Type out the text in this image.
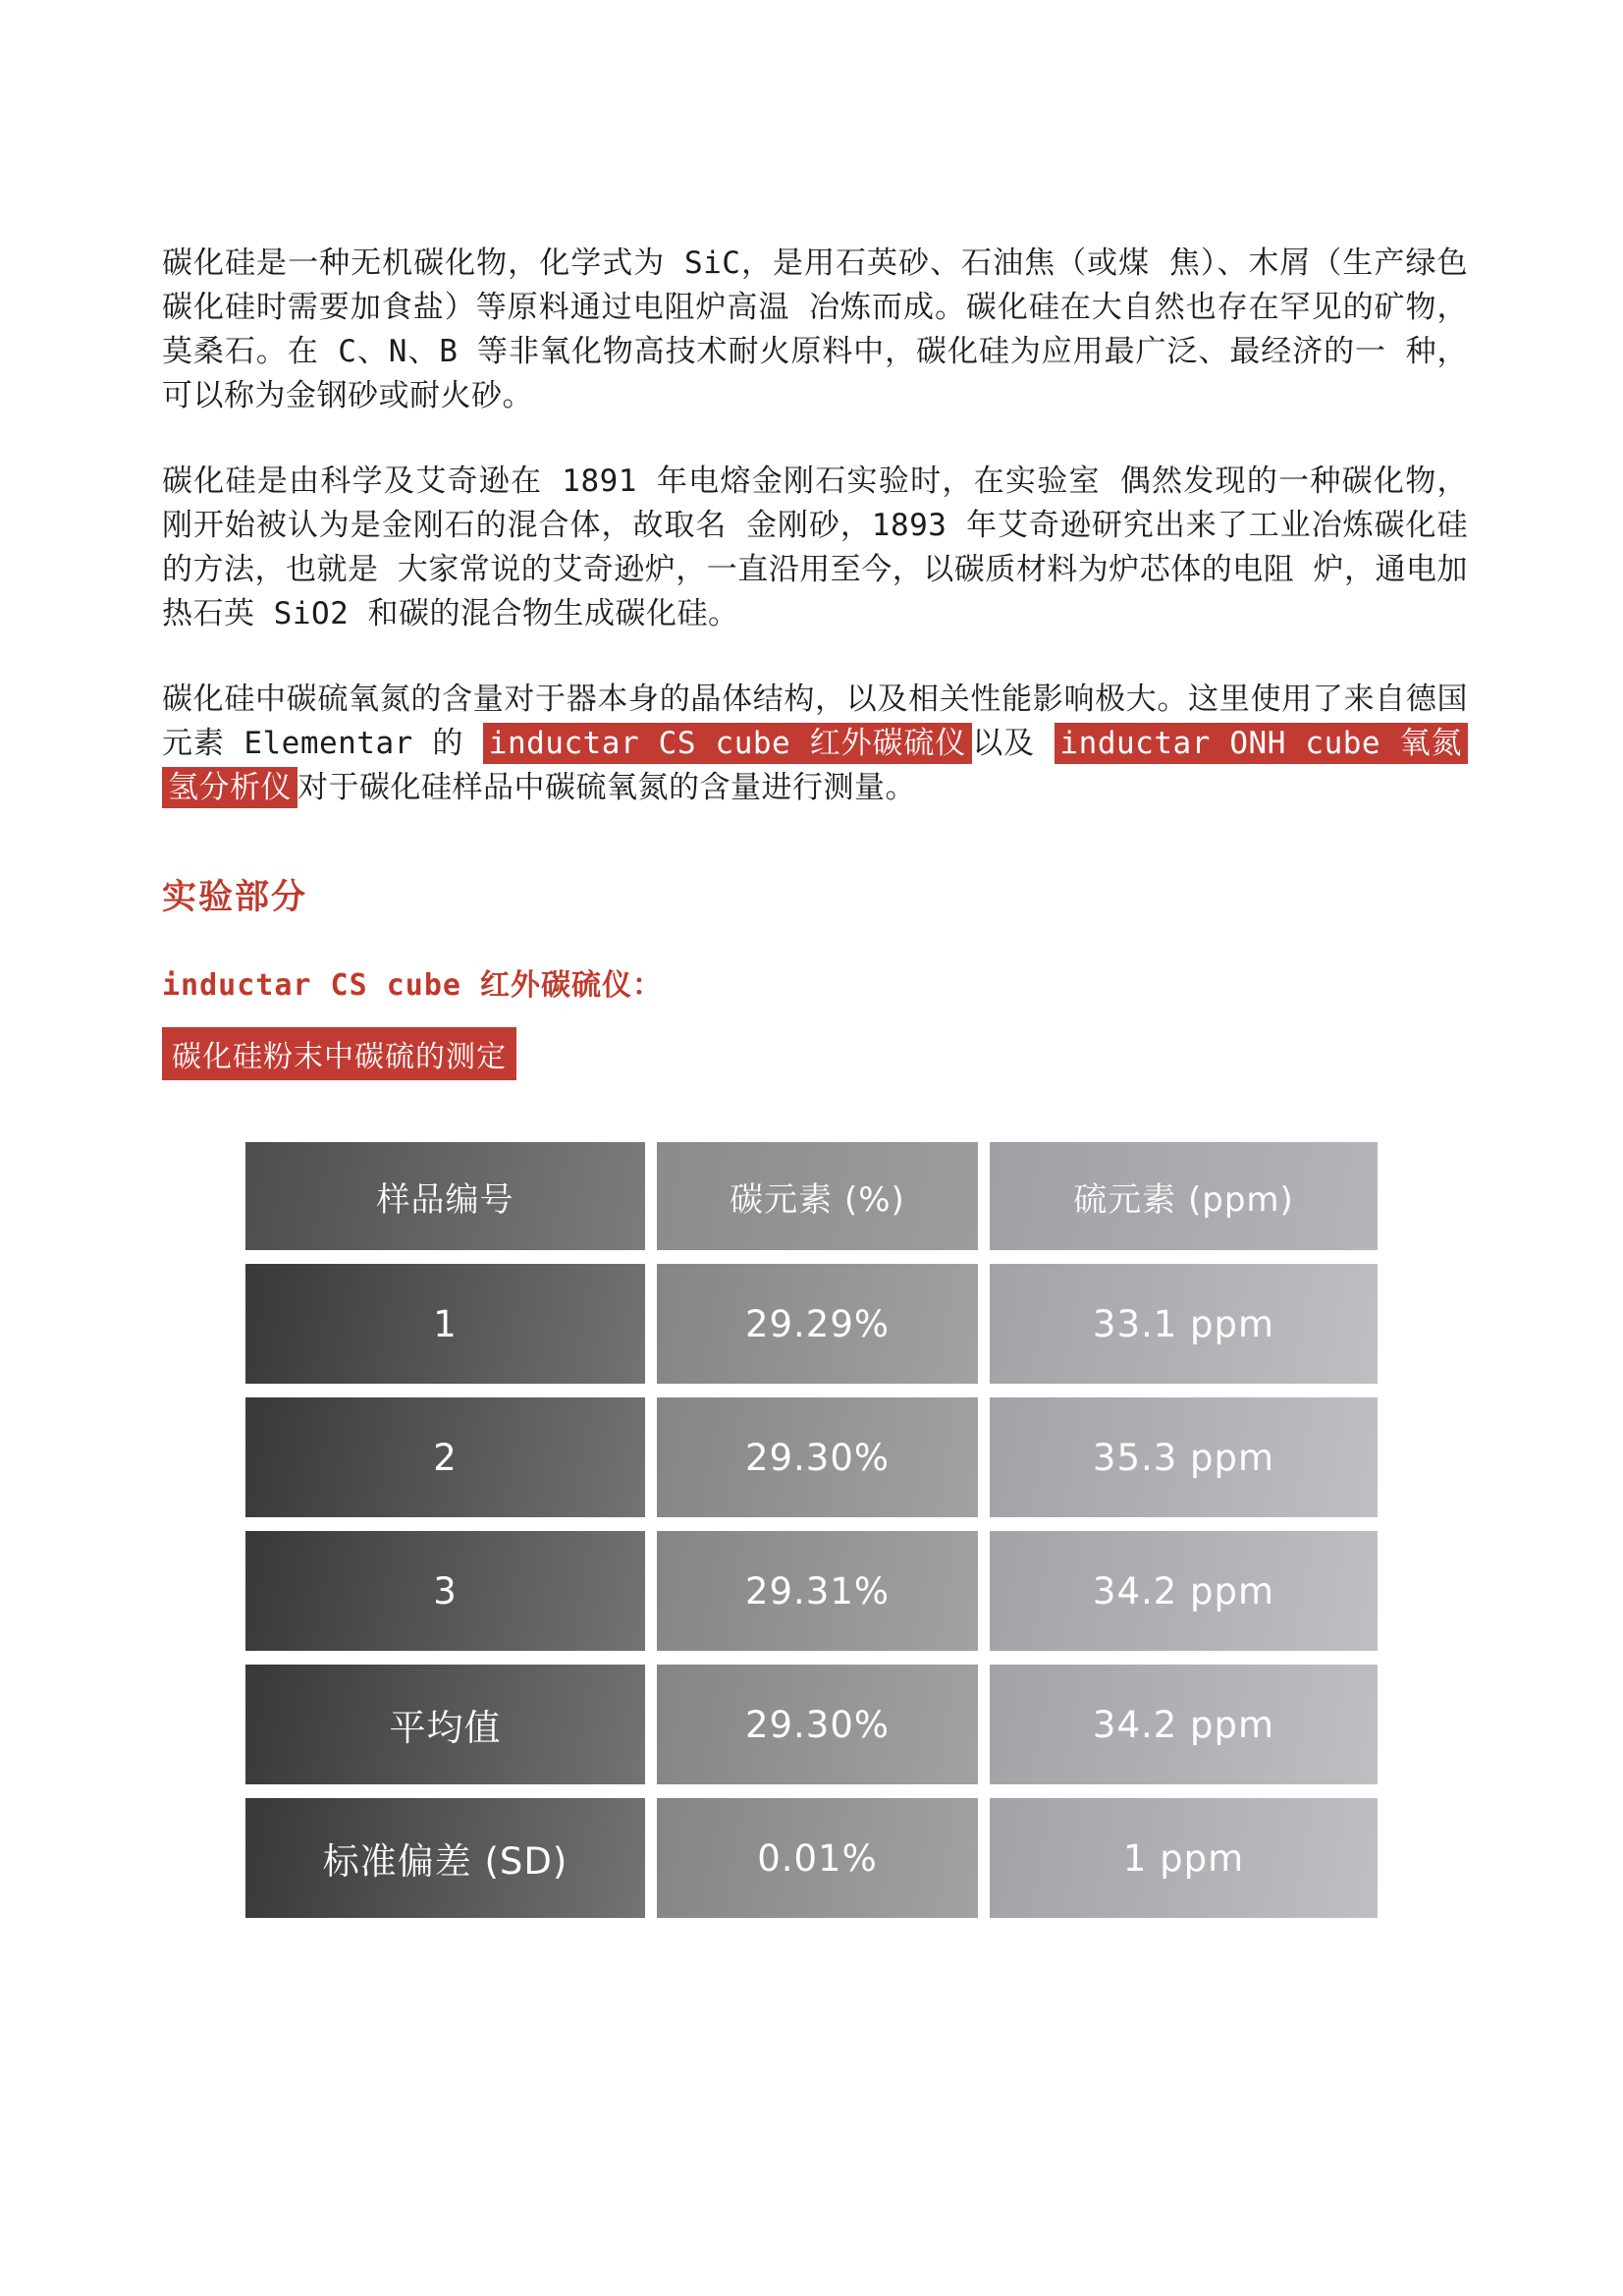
碳化硅是一种无机碳化物，化学式为 SiC，是用石英砂、石油焦（或煤 焦）、木屑（生产绿色碳化硅时需要加食盐）等原料通过电阻炉高温 冶炼而成。碳化硅在大自然也存在罕见的矿物，莫桑石。在 C、N、B 等非氧化物高技术耐火原料中，碳化硅为应用最广泛、最经济的一 种，可以称为金钢砂或耐火砂。

碳化硅是由科学及艾奇逊在 1891 年电熔金刚石实验时，在实验室 偶然发现的一种碳化物，刚开始被认为是金刚石的混合体，故取名 金刚砂，1893 年艾奇逊研究出来了工业冶炼碳化硅的方法，也就是 大家常说的艾奇逊炉，一直沿用至今，以碳质材料为炉芯体的电阻 炉，通电加热石英 SiO2 和碳的混合物生成碳化硅。

碳化硅中碳硫氧氮的含量对于器本身的晶体结构，以及相关性能影响极大。这里使用了来自德国元素 Elementar 的 inductar CS cube 红外碳硫仪 以及 inductar ONH cube 氧氮氢分析仪 对于碳化硅样品中碳硫氧氮的含量进行测量。

实验部分
inductar CS cube 红外碳硫仪：
碳化硅粉末中碳硫的测定
样品编号	碳元素 (%)	硫元素 (ppm)
1	29.29%	33.1 ppm
2	29.30%	35.3 ppm
3	29.31%	34.2 ppm
平均值	29.30%	34.2 ppm
标准偏差 (SD)	0.01%	1 ppm
